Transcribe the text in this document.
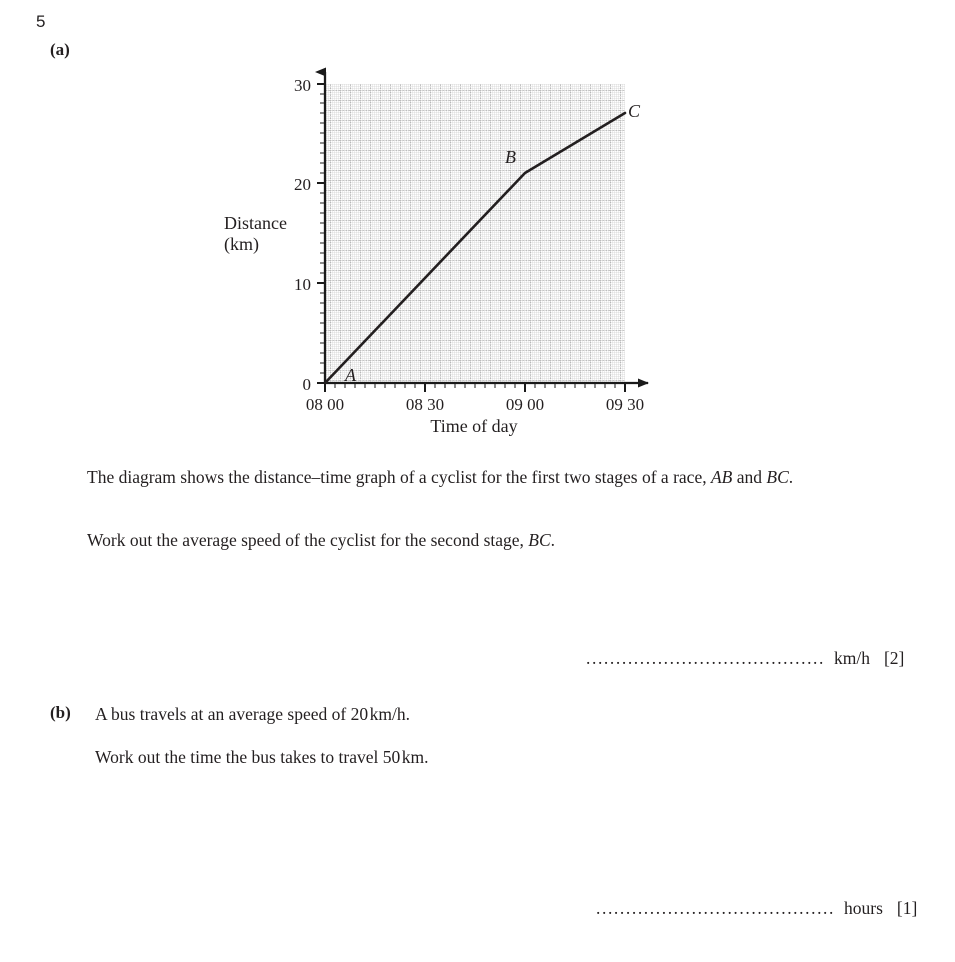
5
(a)
0
10
20
30
08 00	08 30	09 00	09 30
Distance
(km)
Time of day
A
B
C
The diagram shows the distance–time graph of a cyclist for the first two stages of a race, AB and BC.
Work out the average speed of the cyclist for the second stage, BC.
........................................ km/h [2]
(b) A bus travels at an average speed of 20km/h.
Work out the time the bus takes to travel 50km.
........................................ hours [1]
